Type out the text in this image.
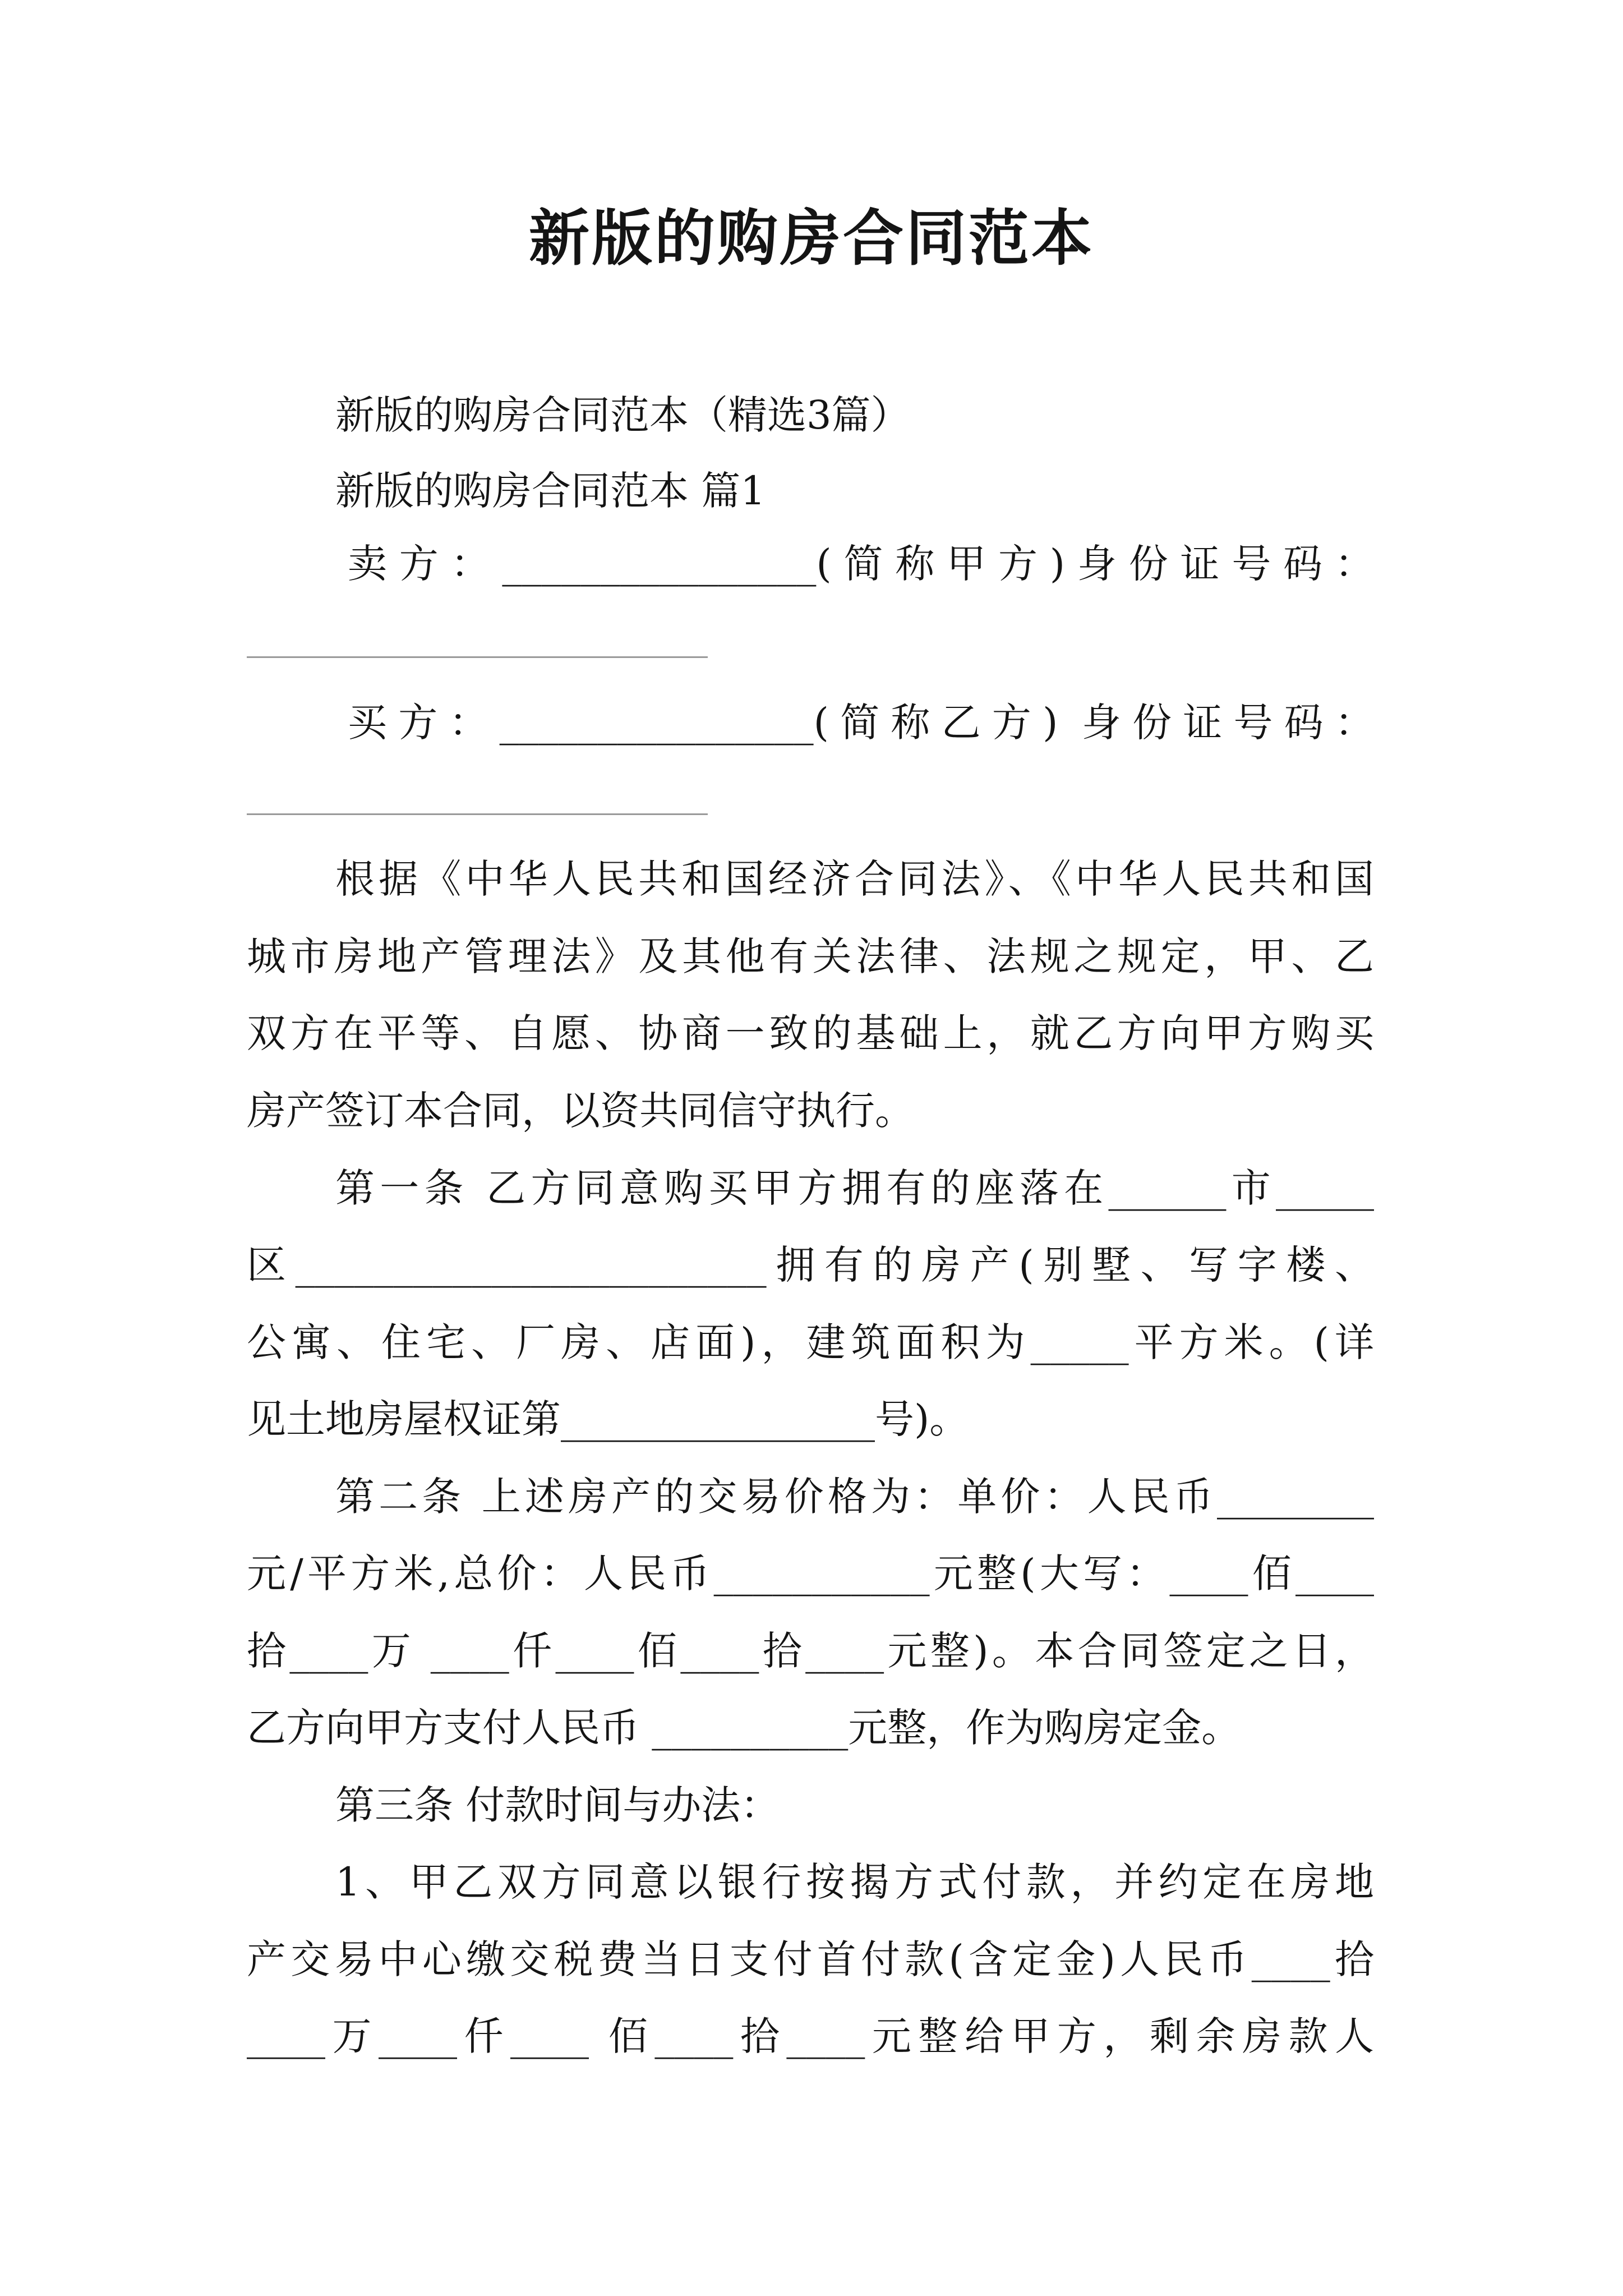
新版的购房合同范本

新版的购房合同范本（精选3篇）

新版的购房合同范本 篇1

卖方：________________(简称甲方)身份证号码：

买方：________________(简称乙方) 身份证号码：

根据《中华人民共和国经济合同法》、《中华人民共和国

城市房地产管理法》及其他有关法律、法规之规定，甲、乙

双方在平等、自愿、协商一致的基础上，就乙方向甲方购买

房产签订本合同，以资共同信守执行。

第一条 乙方同意购买甲方拥有的座落在______市_____

区________________________拥有的房产(别墅、写字楼、

公寓、住宅、厂房、店面)，建筑面积为_____平方米。(详

见土地房屋权证第________________号)。

第二条 上述房产的交易价格为：单价：人民币________

元/平方米,总价：人民币___________元整(大写：____佰____

拾____万 ____仟____佰____拾____元整)。本合同签定之日，

乙方向甲方支付人民币 __________元整，作为购房定金。

第三条 付款时间与办法：

1、甲乙双方同意以银行按揭方式付款，并约定在房地

产交易中心缴交税费当日支付首付款(含定金)人民币____拾

____万____仟____ 佰____拾____元整给甲方，剩余房款人
